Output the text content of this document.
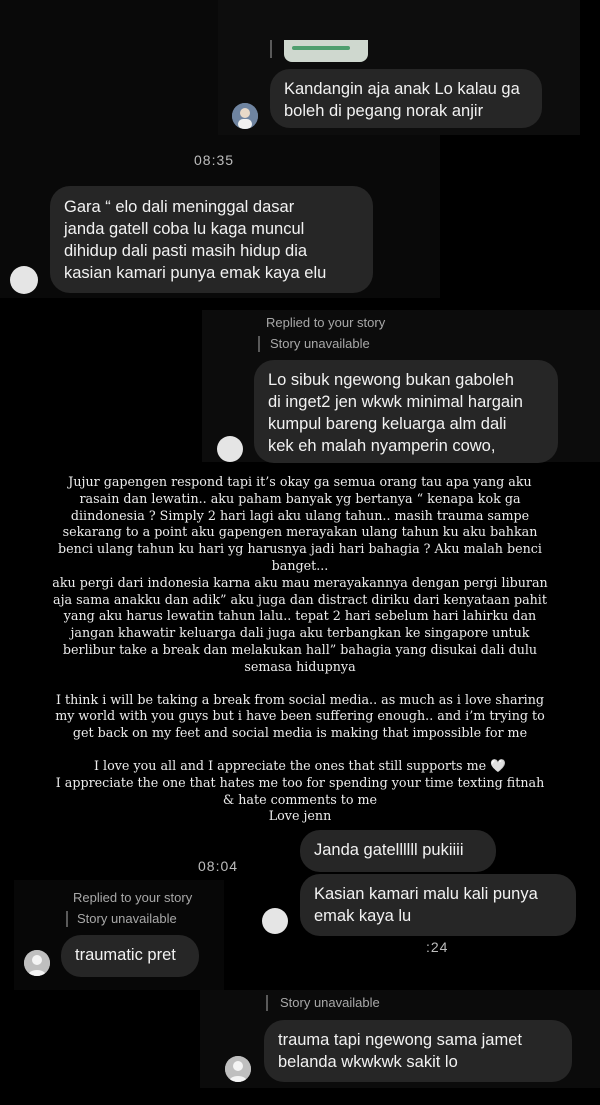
Kandangin aja anak Lo kalau ga
boleh di pegang norak anjir
08:35
Gara “ elo dali meninggal dasar
janda gatell coba lu kaga muncul
dihidup dali pasti masih hidup dia
kasian kamari punya emak kaya elu
Replied to your story
Story unavailable
Lo sibuk ngewong bukan gaboleh
di inget2 jen wkwk minimal hargain
kumpul bareng keluarga alm dali
kek eh malah nyamperin cowo,

Jujur gapengen respond tapi it’s okay ga semua orang tau apa yang aku
rasain dan lewatin.. aku paham banyak yg bertanya “ kenapa kok ga
diindonesia ? Simply 2 hari lagi aku ulang tahun.. masih trauma sampe
sekarang to a point aku gapengen merayakan ulang tahun ku aku bahkan
benci ulang tahun ku hari yg harusnya jadi hari bahagia ? Aku malah benci
banget...
aku pergi dari indonesia karna aku mau merayakannya dengan pergi liburan
aja sama anakku dan adik” aku juga dan distract diriku dari kenyataan pahit
yang aku harus lewatin tahun lalu.. tepat 2 hari sebelum hari lahirku dan
jangan khawatir keluarga dali juga aku terbangkan ke singapore untuk
berlibur take a break dan melakukan hall” bahagia yang disukai dali dulu
semasa hidupnya

I think i will be taking a break from social media.. as much as i love sharing
my world with you guys but i have been suffering enough.. and i’m trying to
get back on my feet and social media is making that impossible for me

I love you all and I appreciate the ones that still supports me 🤍
I appreciate the one that hates me too for spending your time texting fitnah
& hate comments to me
Love jenn

08:04
Janda gatellllll pukiiii
Kasian kamari malu kali punya
emak kaya lu
Replied to your story
Story unavailable
traumatic pret	:24
Story unavailable
trauma tapi ngewong sama jamet
belanda wkwkwk sakit lo
